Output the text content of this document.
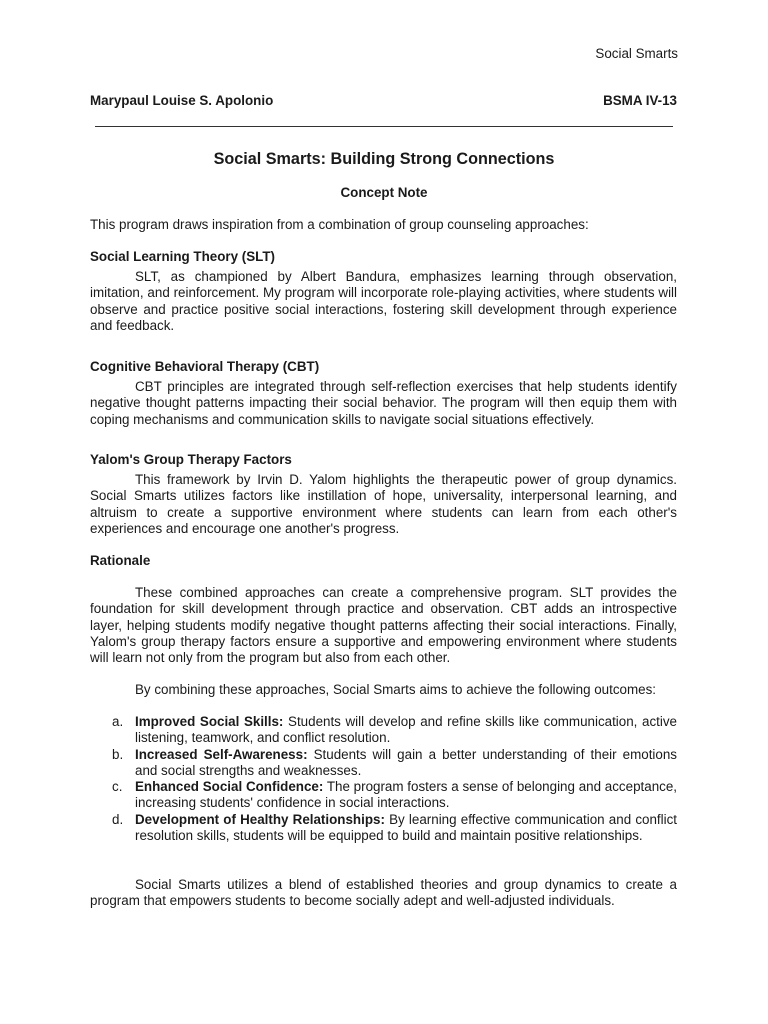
Social Smarts
Marypaul Louise S. Apolonio	BSMA IV-13
Social Smarts: Building Strong Connections
Concept Note
This program draws inspiration from a combination of group counseling approaches:
Social Learning Theory (SLT)
SLT, as championed by Albert Bandura, emphasizes learning through observation, imitation, and reinforcement. My program will incorporate role-playing activities, where students will observe and practice positive social interactions, fostering skill development through experience and feedback.
Cognitive Behavioral Therapy (CBT)
CBT principles are integrated through self-reflection exercises that help students identify negative thought patterns impacting their social behavior. The program will then equip them with coping mechanisms and communication skills to navigate social situations effectively.
Yalom's Group Therapy Factors
This framework by Irvin D. Yalom highlights the therapeutic power of group dynamics. Social Smarts utilizes factors like instillation of hope, universality, interpersonal learning, and altruism to create a supportive environment where students can learn from each other's experiences and encourage one another's progress.
Rationale
These combined approaches can create a comprehensive program. SLT provides the foundation for skill development through practice and observation. CBT adds an introspective layer, helping students modify negative thought patterns affecting their social interactions. Finally, Yalom's group therapy factors ensure a supportive and empowering environment where students will learn not only from the program but also from each other.
By combining these approaches, Social Smarts aims to achieve the following outcomes:
a. Improved Social Skills: Students will develop and refine skills like communication, active listening, teamwork, and conflict resolution.
b. Increased Self-Awareness: Students will gain a better understanding of their emotions and social strengths and weaknesses.
c. Enhanced Social Confidence: The program fosters a sense of belonging and acceptance, increasing students' confidence in social interactions.
d. Development of Healthy Relationships: By learning effective communication and conflict resolution skills, students will be equipped to build and maintain positive relationships.
Social Smarts utilizes a blend of established theories and group dynamics to create a program that empowers students to become socially adept and well-adjusted individuals.
